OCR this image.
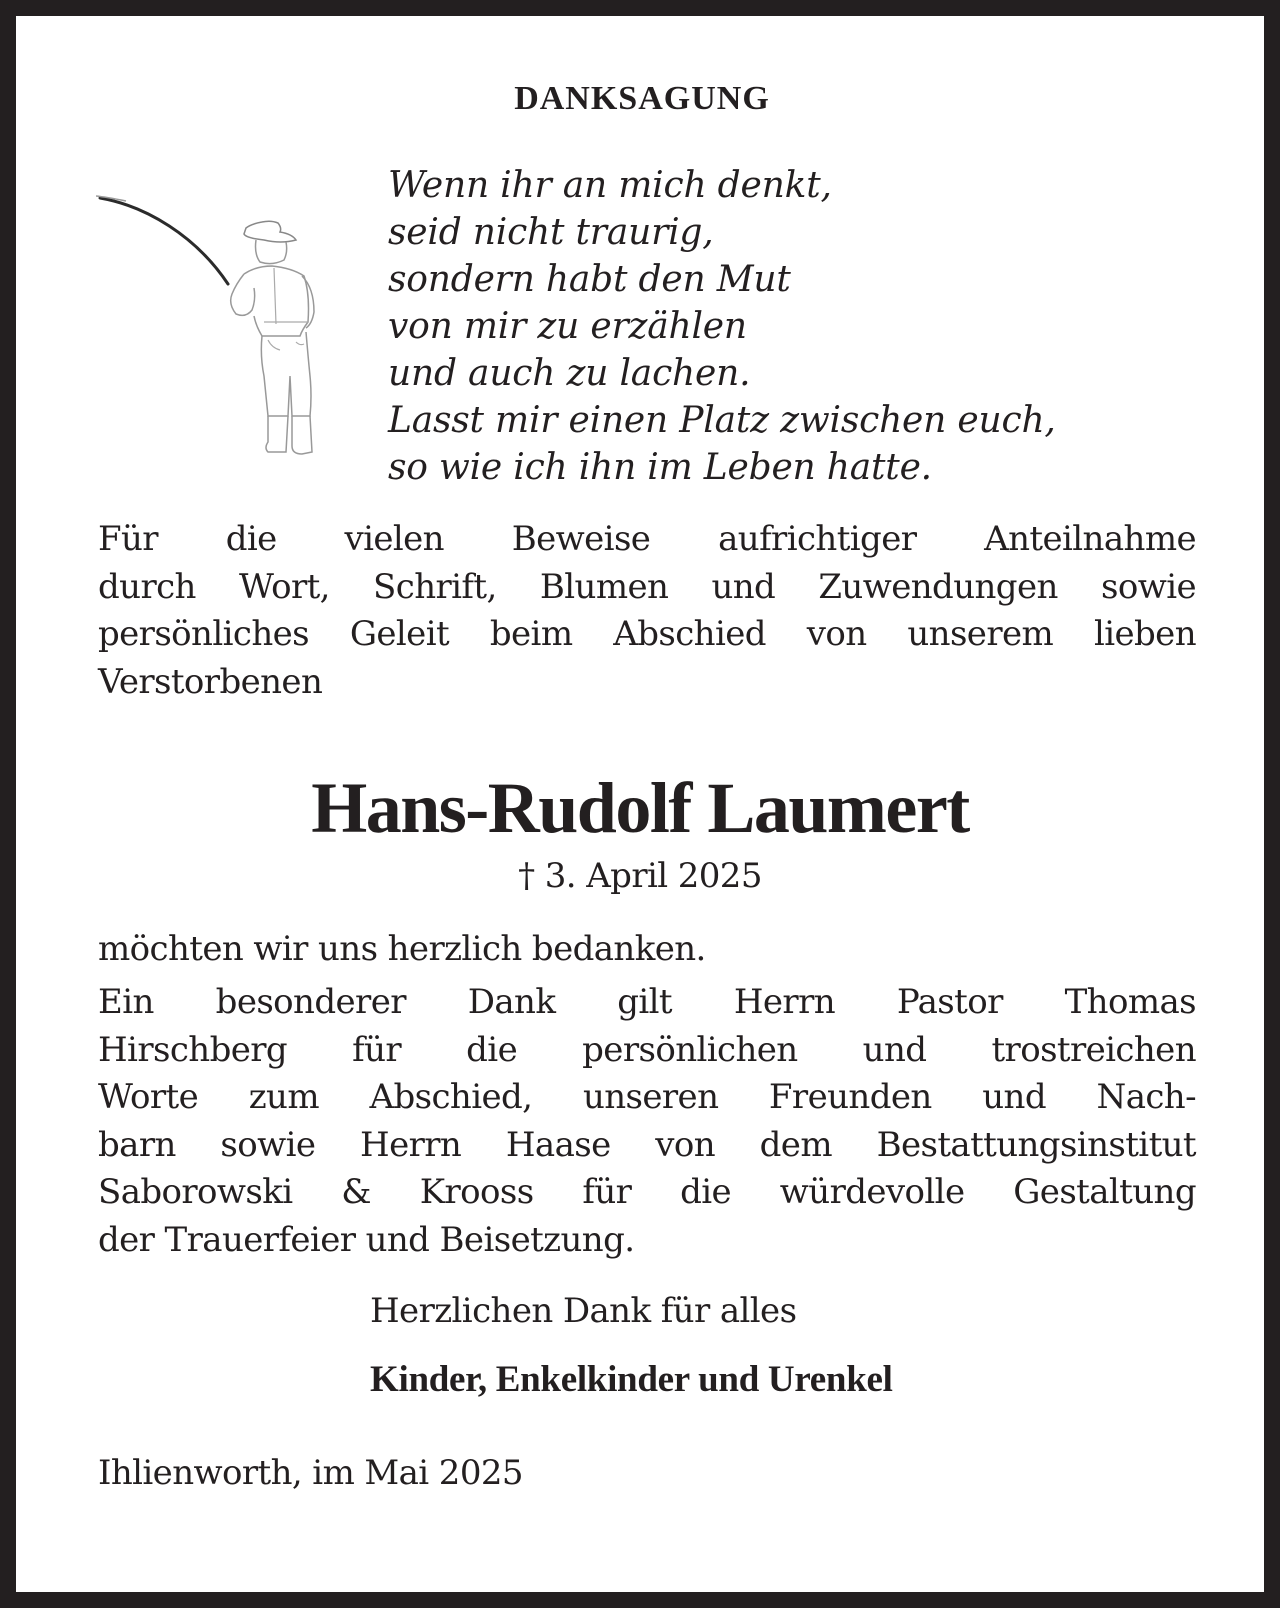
DANKSAGUNG
Wenn ihr an mich denkt,
seid nicht traurig,
sondern habt den Mut
von mir zu erzählen
und auch zu lachen.
Lasst mir einen Platz zwischen euch,
so wie ich ihn im Leben hatte.
Für die vielen Beweise aufrichtiger Anteilnahme
durch Wort, Schrift, Blumen und Zuwendungen sowie
persönliches Geleit beim Abschied von unserem lieben
Verstorbenen
Hans-Rudolf Laumert
† 3. April 2025
möchten wir uns herzlich bedanken.
Ein besonderer Dank gilt Herrn Pastor Thomas
Hirschberg für die persönlichen und trostreichen
Worte zum Abschied, unseren Freunden und Nach-
barn sowie Herrn Haase von dem Bestattungsinstitut
Saborowski & Krooss für die würdevolle Gestaltung
der Trauerfeier und Beisetzung.
Herzlichen Dank für alles
Kinder, Enkelkinder und Urenkel
Ihlienworth, im Mai 2025
